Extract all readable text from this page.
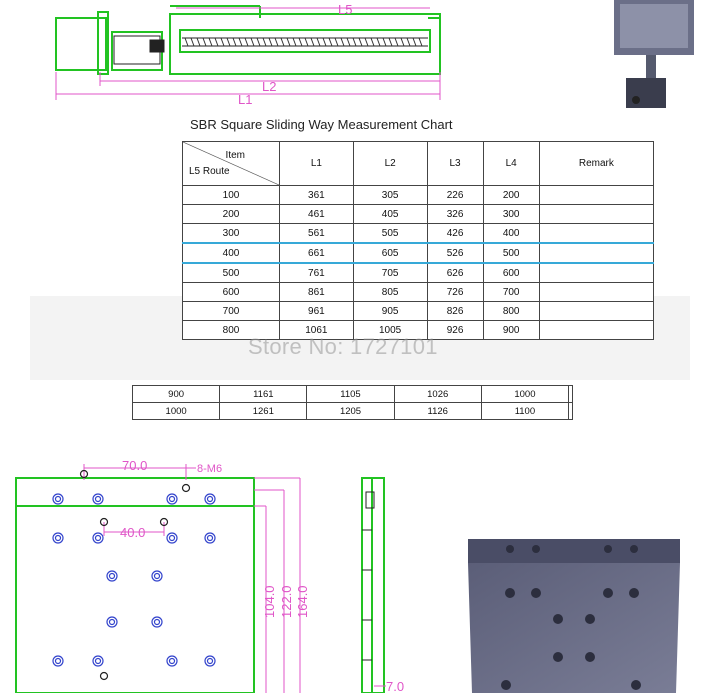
L5
L2
L1
SBR Square Sliding Way Measurement Chart
Item
L5 Route	L1	L2	L3	L4	Remark
100	361	305	226	200	
200	461	405	326	300	
300	561	505	426	400	
400	661	605	526	500	
500	761	705	626	600	
600	861	805	726	700	
700	961	905	826	800	
800	1061	1005	926	900	
Store No: 1727101
900	1161	1105	1026	1000	
1000	1261	1205	1126	1100	
70.0	8-M6
40.0
104.0 122.0 164.0
7.0
